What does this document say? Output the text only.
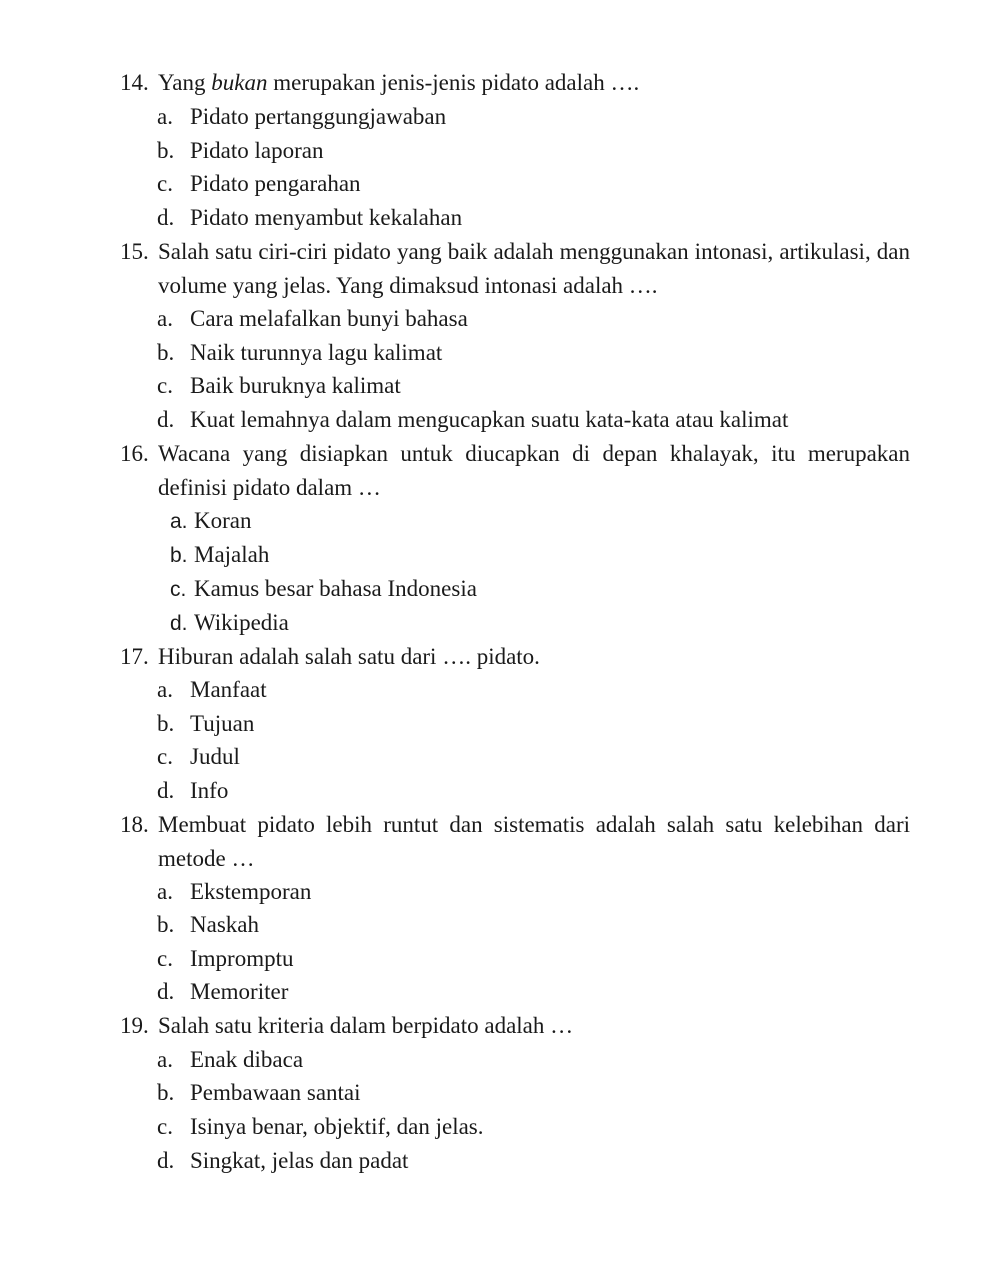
14. Yang bukan merupakan jenis-jenis pidato adalah ….
a. Pidato pertanggungjawaban
b. Pidato laporan
c. Pidato pengarahan
d. Pidato menyambut kekalahan
15. Salah satu ciri-ciri pidato yang baik adalah menggunakan intonasi, artikulasi, dan volume yang jelas. Yang dimaksud intonasi adalah ….
a. Cara melafalkan bunyi bahasa
b. Naik turunnya lagu kalimat
c. Baik buruknya kalimat
d. Kuat lemahnya dalam mengucapkan suatu kata-kata atau kalimat
16. Wacana yang disiapkan untuk diucapkan di depan khalayak, itu merupakan definisi pidato dalam …
a. Koran
b. Majalah
c. Kamus besar bahasa Indonesia
d. Wikipedia
17. Hiburan adalah salah satu dari …. pidato.
a. Manfaat
b. Tujuan
c. Judul
d. Info
18. Membuat pidato lebih runtut dan sistematis adalah salah satu kelebihan dari metode …
a. Ekstemporan
b. Naskah
c. Impromptu
d. Memoriter
19. Salah satu kriteria dalam berpidato adalah …
a. Enak dibaca
b. Pembawaan santai
c. Isinya benar, objektif, dan jelas.
d. Singkat, jelas dan padat
